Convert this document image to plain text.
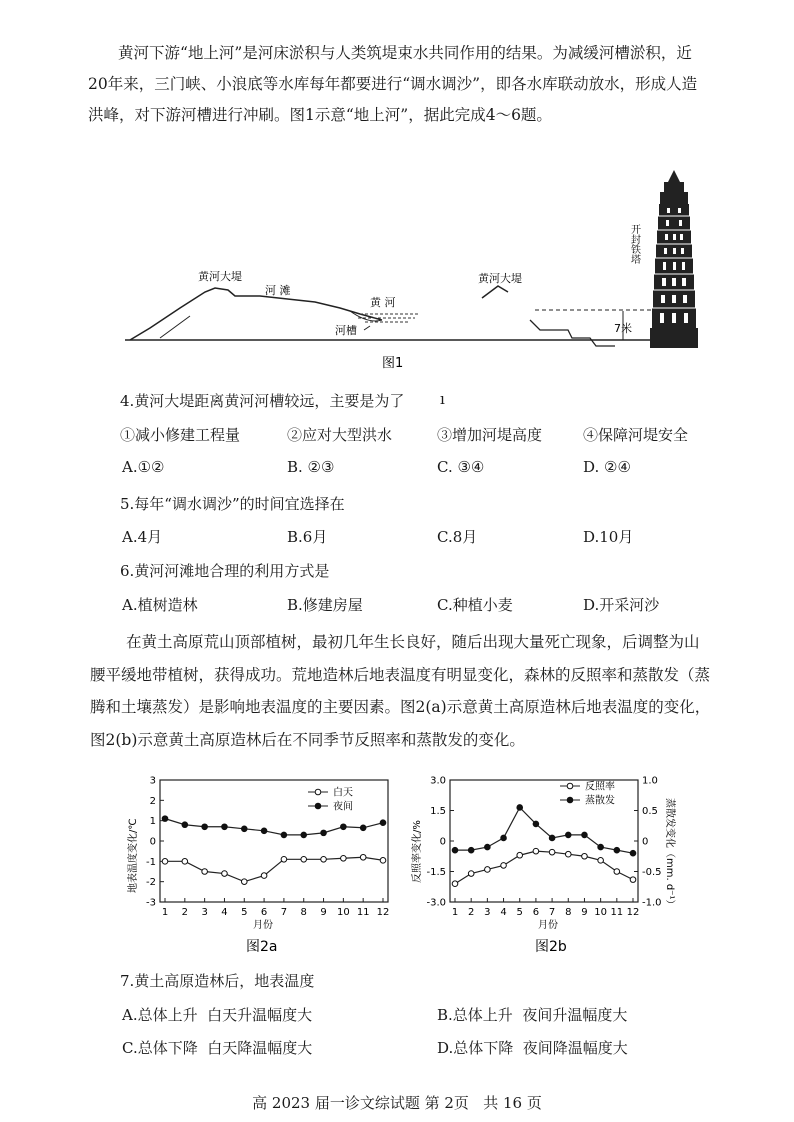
黄河下游“地上河”是河床淤积与人类筑堤束水共同作用的结果。为减缓河槽淤积，近
20年来，三门峡、小浪底等水库每年都要进行“调水调沙”，即各水库联动放水，形成人造
洪峰，对下游河槽进行冲刷。图1示意“地上河”，据此完成4～6题。
黄河大堤
河 滩
黄 河
河槽
黄河大堤
7米
开封铁塔
图1
4.黄河大堤距离黄河河槽较远，主要是为了 ı
①减小修建工程量	②应对大型洪水	③增加河堤高度	④保障河堤安全
A.①②	B. ②③	C. ③④	D. ②④
5.每年“调水调沙”的时间宜选择在
A.4月	B.6月	C.8月	D.10月
6.黄河河滩地合理的利用方式是
A.植树造林	B.修建房屋	C.种植小麦	D.开采河沙
在黄土高原荒山顶部植树，最初几年生长良好，随后出现大量死亡现象，后调整为山
腰平缓地带植树，获得成功。荒地造林后地表温度有明显变化，森林的反照率和蒸散发（蒸
腾和土壤蒸发）是影响地表温度的主要因素。图2(a)示意黄土高原造林后地表温度的变化，
图2(b)示意黄土高原造林后在不同季节反照率和蒸散发的变化。
地表温度变化/℃
月份
图2a
1 2 3 4 5 6 7 8 9 10 11 12
3
2
1
0
-1
-2
-3
白天
夜间
反照率变化/%	蒸散发变化（mm. d⁻¹）
月份
图2b
1 2 3 4 5 6 7 8 9 10 11 12
3.0
1.5
0
-1.5
-3.0
1.0
0.5
0
-0.5
-1.0
反照率
蒸散发
7.黄土高原造林后，地表温度
A.总体上升  白天升温幅度大	B.总体上升  夜间升温幅度大
C.总体下降  白天降温幅度大	D.总体下降  夜间降温幅度大
高 2023 届一诊文综试题 第 2页   共 16 页
